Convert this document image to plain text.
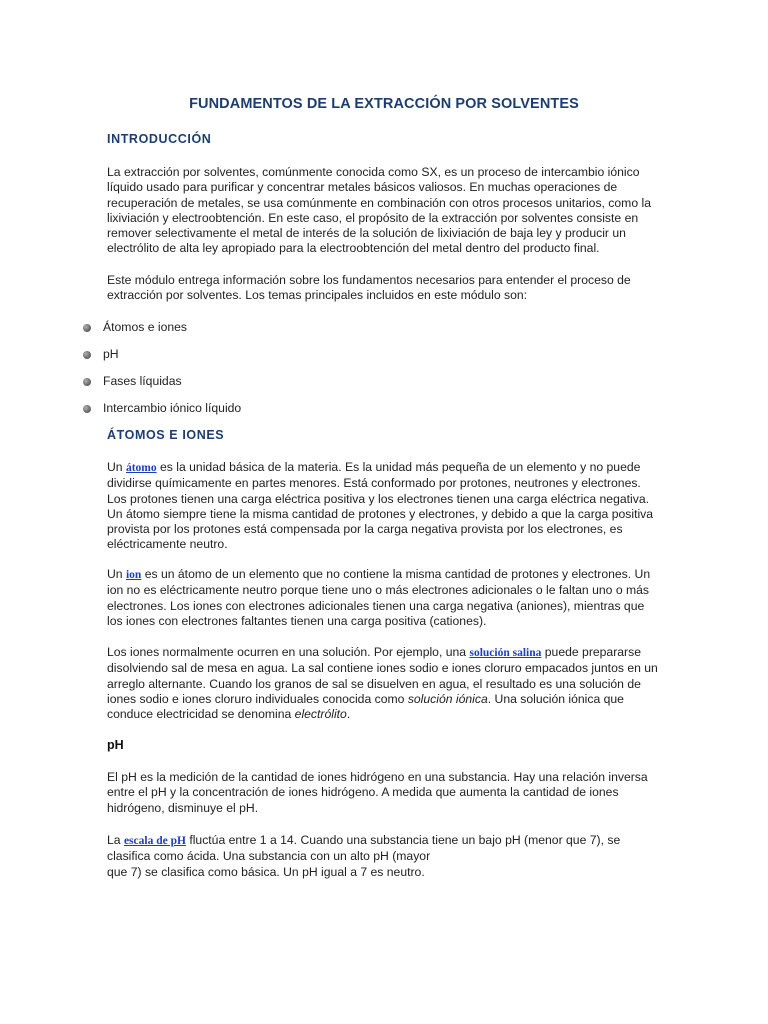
FUNDAMENTOS DE LA EXTRACCIÓN POR SOLVENTES
INTRODUCCIÓN
La extracción por solventes, comúnmente conocida como SX, es un proceso de intercambio iónico líquido usado para purificar y concentrar metales básicos valiosos. En muchas operaciones de recuperación de metales, se usa comúnmente en combinación con otros procesos unitarios, como la lixiviación y electroobtención. En este caso, el propósito de la extracción por solventes consiste en remover selectivamente el metal de interés de la solución de lixiviación de baja ley y producir un electrólito de alta ley apropiado para la electroobtención del metal dentro del producto final.
Este módulo entrega información sobre los fundamentos necesarios para entender el proceso de extracción por solventes. Los temas principales incluidos en este módulo son:
Átomos e iones
pH
Fases líquidas
Intercambio iónico líquido
ÁTOMOS E IONES
Un átomo es la unidad básica de la materia. Es la unidad más pequeña de un elemento y no puede dividirse químicamente en partes menores. Está conformado por protones, neutrones y electrones. Los protones tienen una carga eléctrica positiva y los electrones tienen una carga eléctrica negativa. Un átomo siempre tiene la misma cantidad de protones y electrones, y debido a que la carga positiva provista por los protones está compensada por la carga negativa provista por los electrones, es eléctricamente neutro.
Un ion es un átomo de un elemento que no contiene la misma cantidad de protones y electrones. Un ion no es eléctricamente neutro porque tiene uno o más electrones adicionales o le faltan uno o más electrones. Los iones con electrones adicionales tienen una carga negativa (aniones), mientras que los iones con electrones faltantes tienen una carga positiva (cationes).
Los iones normalmente ocurren en una solución. Por ejemplo, una solución salina puede prepararse disolviendo sal de mesa en agua. La sal contiene iones sodio e iones cloruro empacados juntos en un arreglo alternante. Cuando los granos de sal se disuelven en agua, el resultado es una solución de iones sodio e iones cloruro individuales conocida como solución iónica. Una solución iónica que conduce electricidad se denomina electrólito.
pH
El pH es la medición de la cantidad de iones hidrógeno en una substancia. Hay una relación inversa entre el pH y la concentración de iones hidrógeno. A medida que aumenta la cantidad de iones hidrógeno, disminuye el pH.
La escala de pH fluctúa entre 1 a 14. Cuando una substancia tiene un bajo pH (menor que 7), se
clasifica como ácida. Una substancia con un alto pH (mayor
que 7) se clasifica como básica. Un pH igual a 7 es neutro.
